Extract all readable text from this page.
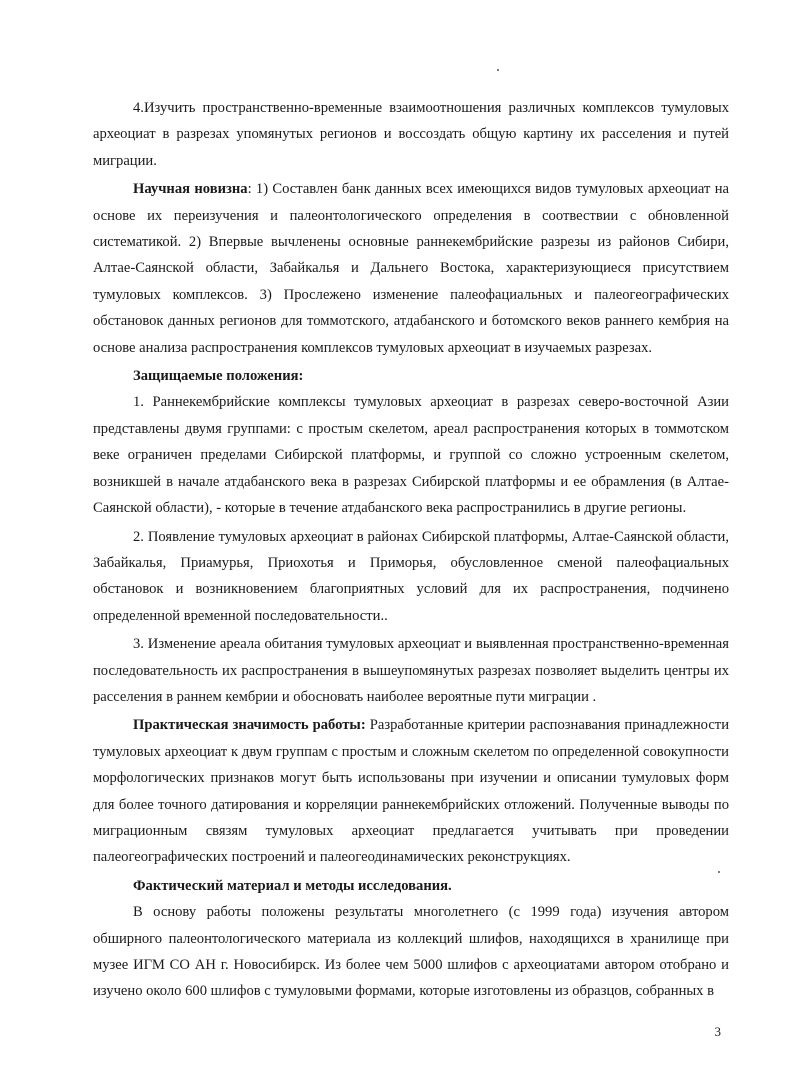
4.Изучить пространственно-временные взаимоотношения различных комплексов тумуловых археоциат в разрезах упомянутых регионов и воссоздать общую картину их расселения и путей миграции.

Научная новизна: 1) Составлен банк данных всех имеющихся видов тумуловых археоциат на основе их переизучения и палеонтологического определения в соотвествии с обновленной систематикой. 2) Впервые вычленены основные раннекембрийские разрезы из районов Сибири, Алтае-Саянской области, Забайкалья и Дальнего Востока, характеризующиеся присутствием тумуловых комплексов. 3) Прослежено изменение палеофациальных и палеогеографических обстановок данных регионов для томмотского, атдабанского и ботомского веков раннего кембрия на основе анализа распространения комплексов тумуловых археоциат в изучаемых разрезах.

Защищаемые положения:

1. Раннекембрийские комплексы тумуловых археоциат в разрезах северо-восточной Азии представлены двумя группами: с простым скелетом, ареал распространения которых в томмотском веке ограничен пределами Сибирской платформы, и группой со сложно устроенным скелетом, возникшей в начале атдабанского века в разрезах Сибирской платформы и ее обрамления (в Алтае-Саянской области), - которые в течение атдабанского века распространились в другие регионы.

2. Появление тумуловых археоциат в районах Сибирской платформы, Алтае-Саянской области, Забайкалья, Приамурья, Приохотья и Приморья, обусловленное сменой палеофациальных обстановок и возникновением благоприятных условий для их распространения, подчинено определенной временной последовательности..

3. Изменение ареала обитания тумуловых археоциат и выявленная пространственно-временная последовательность их распространения в вышеупомянутых разрезах позволяет выделить центры их расселения в раннем кембрии и обосновать наиболее вероятные пути миграции .

Практическая значимость работы: Разработанные критерии распознавания принадлежности тумуловых археоциат к двум группам с простым и сложным скелетом по определенной совокупности морфологических признаков могут быть использованы при изучении и описании тумуловых форм для более точного датирования и корреляции раннекембрийских отложений. Полученные выводы по миграционным связям тумуловых археоциат предлагается учитывать при проведении палеогеографических построений и палеогеодинамических реконструкциях.

Фактический материал и методы исследования.

В основу работы положены результаты многолетнего (с 1999 года) изучения автором обширного палеонтологического материала из коллекций шлифов, находящихся в хранилище при музее ИГМ СО АН г. Новосибирск. Из более чем 5000 шлифов с археоциатами автором отобрано и изучено около 600 шлифов с тумуловыми формами, которые изготовлены из образцов, собранных в

3
